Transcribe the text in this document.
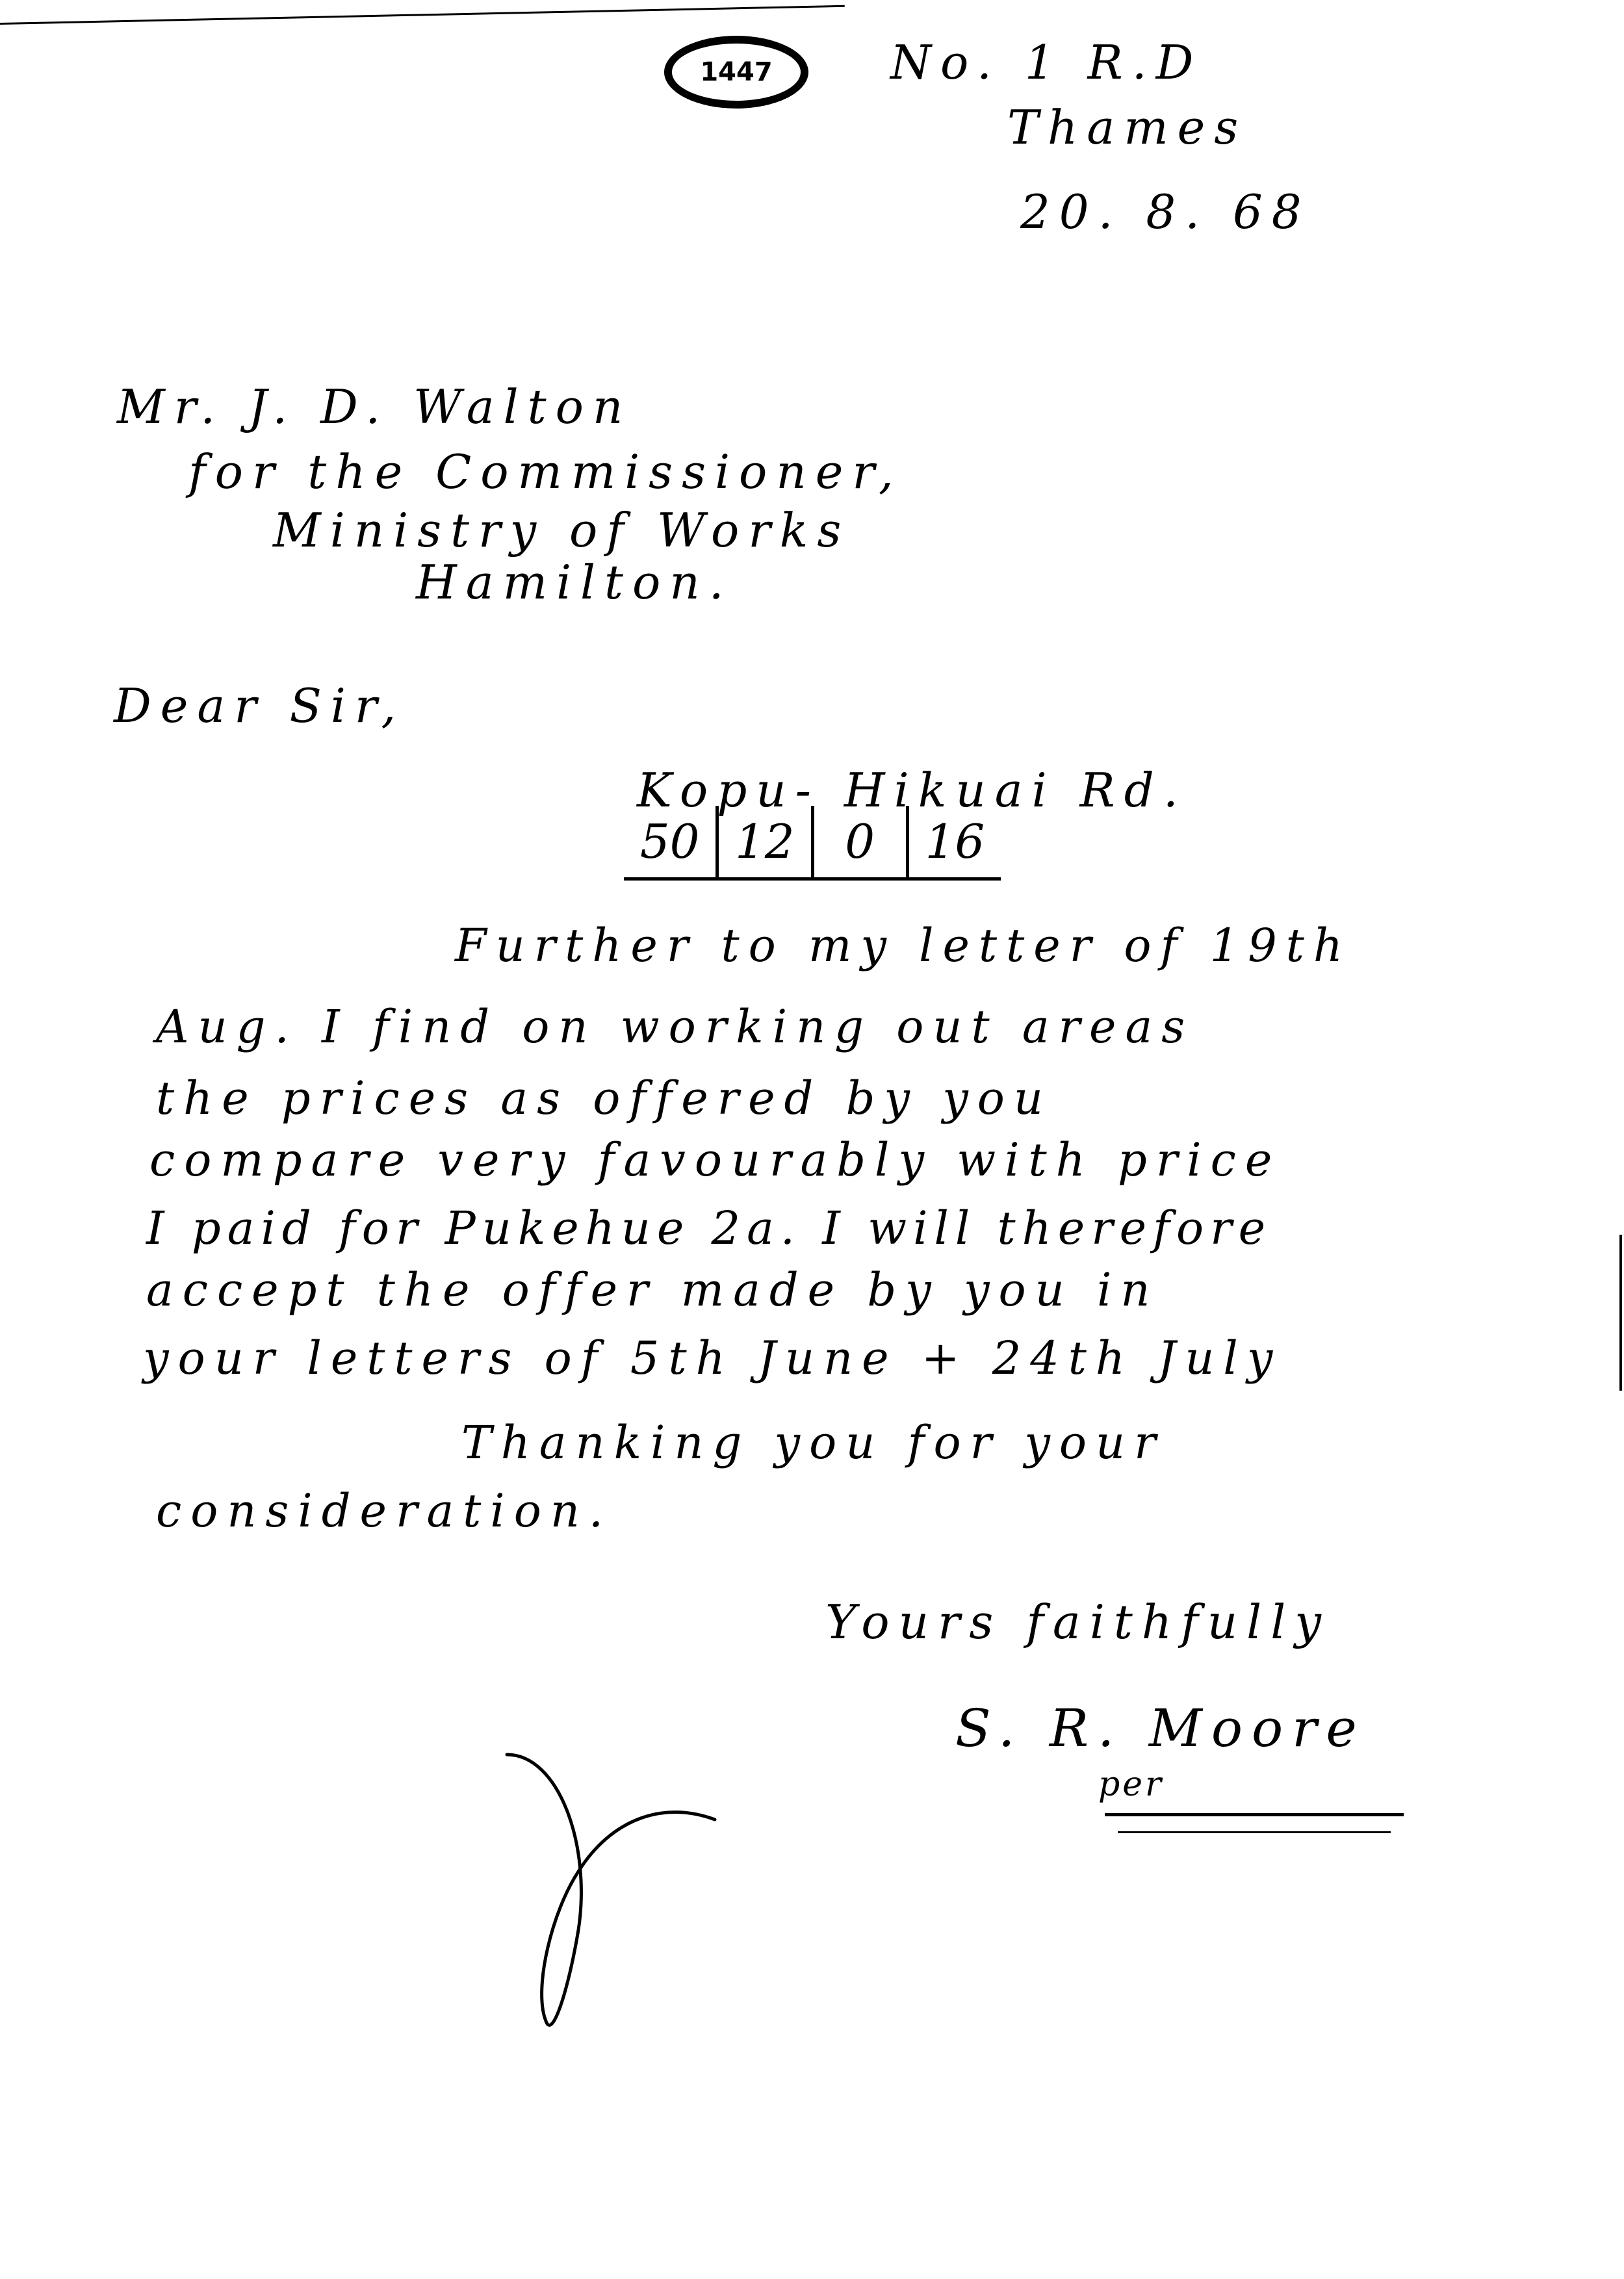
1447	No. 1 R.D
Thames
20. 8. 68
Mr. J. D. Walton
for the Commissioner,
Ministry of Works
Hamilton.
Dear Sir,
Kopu- Hikuai Rd.
50 12	0	16
Further to my letter of 19th
Aug. I find on working out areas
the prices as offered by you
compare very favourably with price
I paid for Pukehue 2a. I will therefore
accept the offer made by you in
your letters of 5th June + 24th July
Thanking you for your
consideration.
Yours faithfully
S. R. Moore
per
